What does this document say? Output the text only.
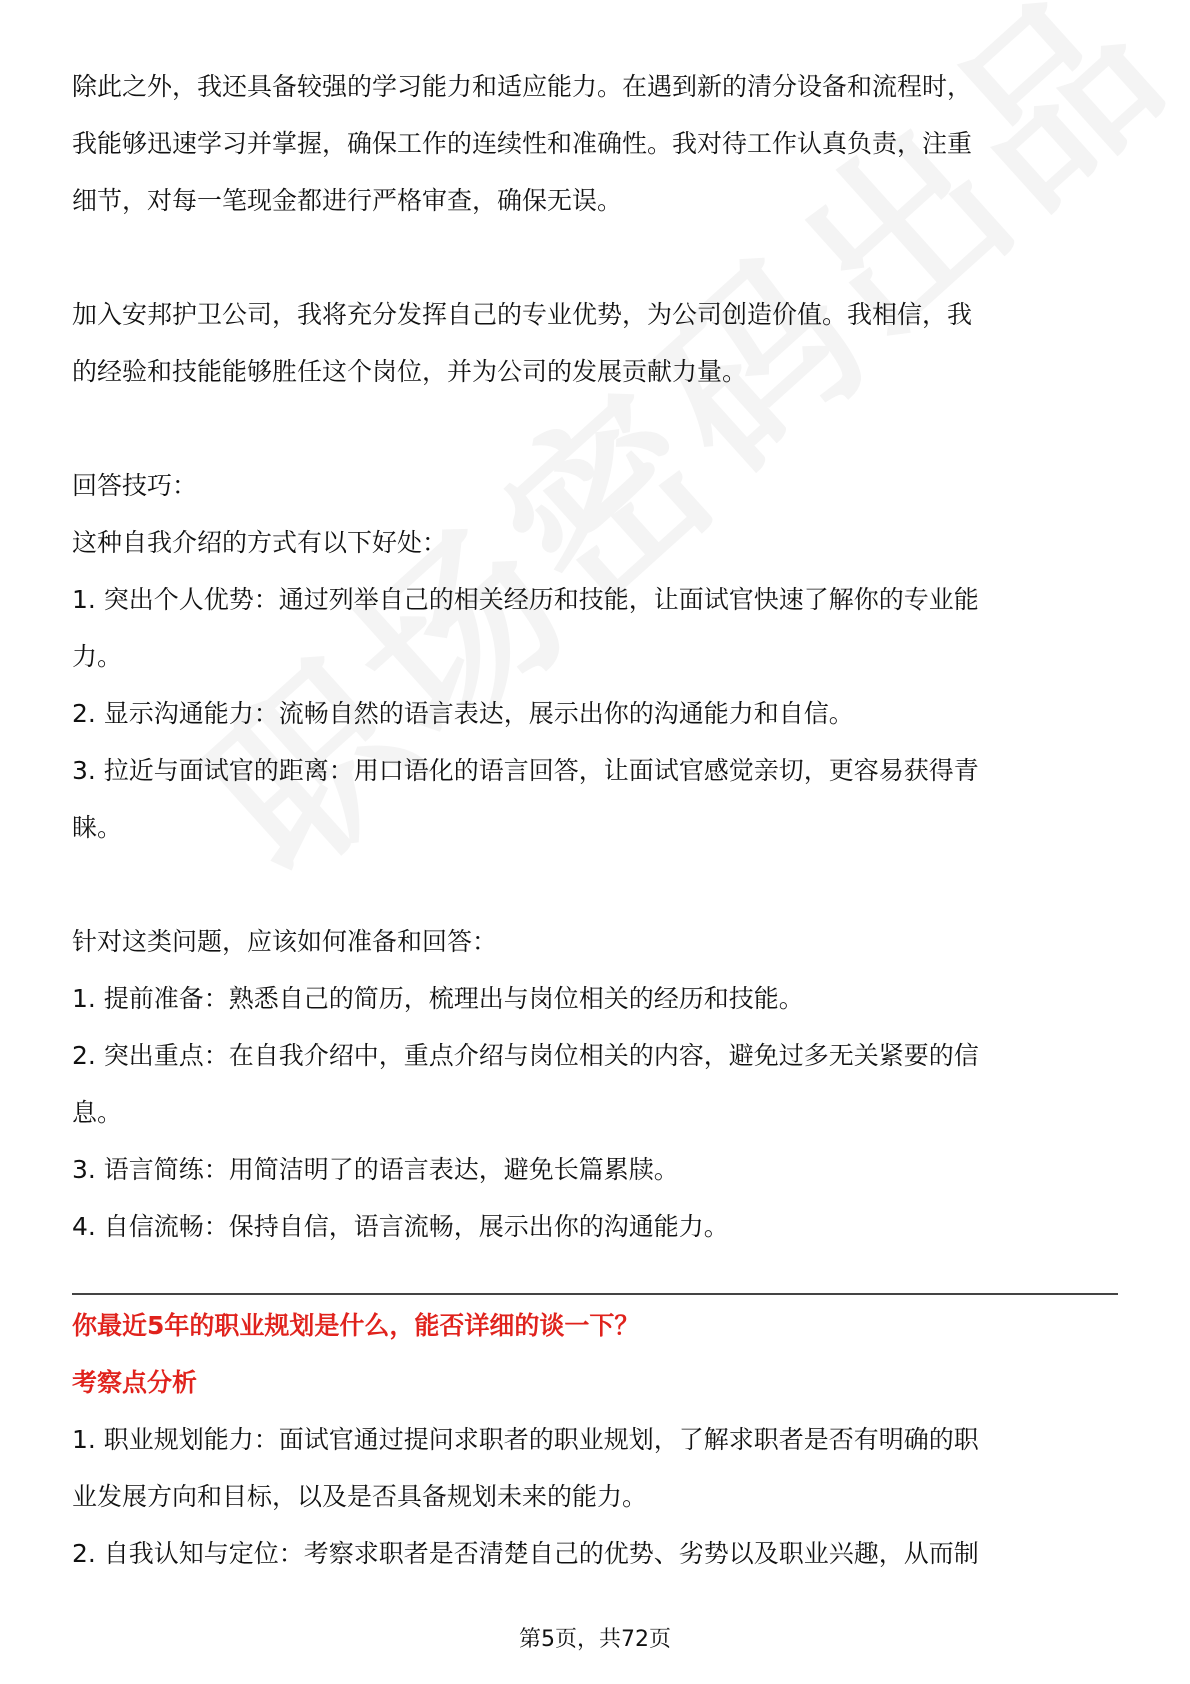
除此之外，我还具备较强的学习能力和适应能力。在遇到新的清分设备和流程时，
我能够迅速学习并掌握，确保工作的连续性和准确性。我对待工作认真负责，注重
细节，对每一笔现金都进行严格审查，确保无误。
加入安邦护卫公司，我将充分发挥自己的专业优势，为公司创造价值。我相信，我
的经验和技能能够胜任这个岗位，并为公司的发展贡献力量。
回答技巧：
这种自我介绍的方式有以下好处：
1. 突出个人优势：通过列举自己的相关经历和技能，让面试官快速了解你的专业能
力。
2. 显示沟通能力：流畅自然的语言表达，展示出你的沟通能力和自信。
3. 拉近与面试官的距离：用口语化的语言回答，让面试官感觉亲切，更容易获得青
睐。
针对这类问题，应该如何准备和回答：
1. 提前准备：熟悉自己的简历，梳理出与岗位相关的经历和技能。
2. 突出重点：在自我介绍中，重点介绍与岗位相关的内容，避免过多无关紧要的信
息。
3. 语言简练：用简洁明了的语言表达，避免长篇累牍。
4. 自信流畅：保持自信，语言流畅，展示出你的沟通能力。
你最近5年的职业规划是什么，能否详细的谈一下？
考察点分析
1. 职业规划能力：面试官通过提问求职者的职业规划，了解求职者是否有明确的职
业发展方向和目标，以及是否具备规划未来的能力。
2. 自我认知与定位：考察求职者是否清楚自己的优势、劣势以及职业兴趣，从而制
第5页，共72页
